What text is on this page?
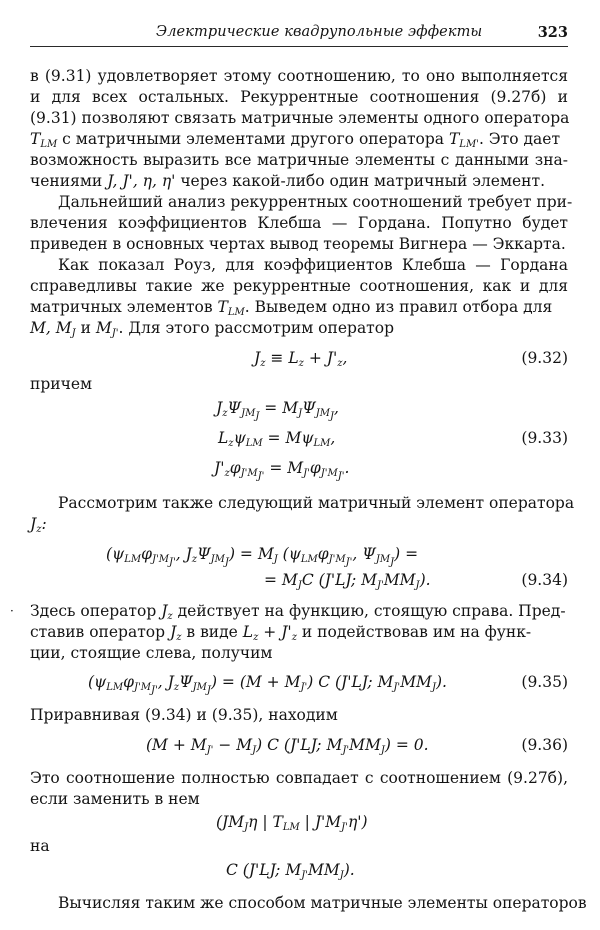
Электрические квадрупольные эффекты	323
в (9.31) удовлетворяет этому соотношению, то оно выполняется
и для всех остальных. Рекуррентные соотношения (9.27б) и
(9.31) позволяют связать матричные элементы одного оператора
$T_{LM}$ с матричными элементами другого оператора $T_{LM'}$. Это дает
возможность выразить все матричные элементы с данными зна-
чениями J, J', η, η' через какой-либо один матричный элемент.
Дальнейший анализ рекуррентных соотношений требует при-
влечения коэффициентов Клебша — Гордана. Попутно будет
приведен в основных чертах вывод теоремы Вигнера — Эккарта.
Как показал Роуз, для коэффициентов Клебша — Гордана
справедливы такие же рекуррентные соотношения, как и для
матричных элементов $T_{LM}$. Выведем одно из правил отбора для
M, $M_J$ и $M_{J'}$. Для этого рассмотрим оператор
$J_z \equiv L_z + J'_z$,	(9.32)
причем
$J_z\Psi_{JM_J} = M_J\Psi_{JM_J}$,
$L_z\psi_{LM} = M\psi_{LM}$,
$J'_z\varphi_{J'M_{J'}} = M_{J'}\varphi_{J'M_{J'}}$.
(9.33)
Рассмотрим также следующий матричный элемент оператора
$J_z$:
($\psi_{LM}\varphi_{J'M_{J'}}$, $J_z\Psi_{JM_J}) = M_J$ ($\psi_{LM}\varphi_{J'M_{J'}}$, $\Psi_{JM_J}$) =
= $M_JC$ (J'LJ; $M_{J'}MM_J$).	(9.34)
· Здесь оператор $J_z$ действует на функцию, стоящую справа. Пред-
ставив оператор $J_z$ в виде $L_z + J'_z$ и подействовав им на функ-
ции, стоящие слева, получим
($\psi_{LM}\varphi_{J'M_{J'}}$, $J_z\Psi_{JM_J}) = (M + M_{J'})$ C (J'LJ; $M_{J'}MM_J$).	(9.35)
Приравнивая (9.34) и (9.35), находим
$(M + M_{J'} - M_J)$ C (J'LJ; $M_{J'}MM_J) = 0$.	(9.36)
Это соотношение полностью совпадает с соотношением (9.27б),
если заменить в нем
($JM_J\eta$ | $T_{LM}$ | $J'M_{J'}\eta'$)
на
C (J'LJ; $M_{J'}MM_J$).
Вычисляя таким же способом матричные элементы операторов
